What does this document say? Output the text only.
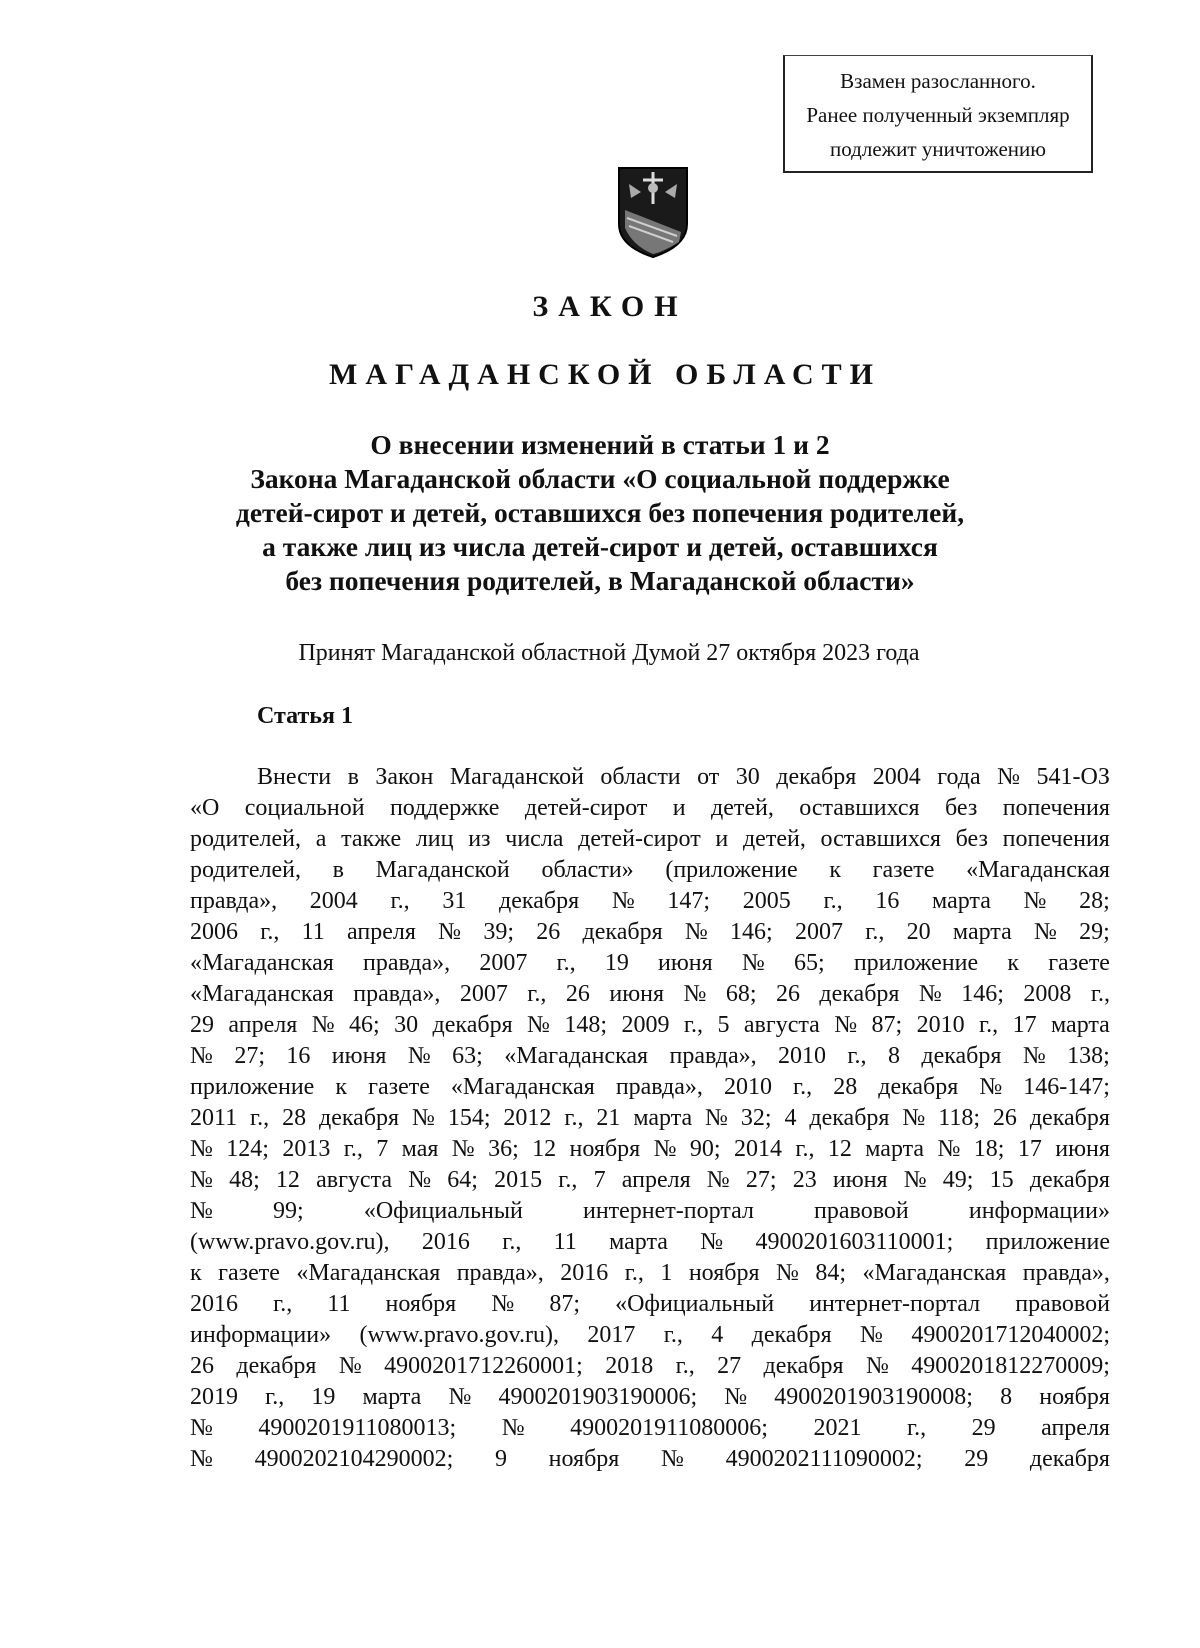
Взамен разосланного.
Ранее полученный экземпляр
подлежит уничтожению
ЗАКОН
МАГАДАНСКОЙ ОБЛАСТИ
О внесении изменений в статьи 1 и 2
Закона Магаданской области «О социальной поддержке
детей-сирот и детей, оставшихся без попечения родителей,
а также лиц из числа детей-сирот и детей, оставшихся
без попечения родителей, в Магаданской области»
Принят Магаданской областной Думой 27 октября 2023 года
Статья 1
Внести в Закон Магаданской области от 30 декабря 2004 года № 541-ОЗ
«О социальной поддержке детей-сирот и детей, оставшихся без попечения
родителей, а также лиц из числа детей-сирот и детей, оставшихся без попечения
родителей, в Магаданской области» (приложение к газете «Магаданская
правда», 2004 г., 31 декабря № 147; 2005 г., 16 марта № 28;
2006 г., 11 апреля № 39; 26 декабря № 146; 2007 г., 20 марта № 29;
«Магаданская правда», 2007 г., 19 июня № 65; приложение к газете
«Магаданская правда», 2007 г., 26 июня № 68; 26 декабря № 146; 2008 г.,
29 апреля № 46; 30 декабря № 148; 2009 г., 5 августа № 87; 2010 г., 17 марта
№ 27; 16 июня № 63; «Магаданская правда», 2010 г., 8 декабря № 138;
приложение к газете «Магаданская правда», 2010 г., 28 декабря № 146-147;
2011 г., 28 декабря № 154; 2012 г., 21 марта № 32; 4 декабря № 118; 26 декабря
№ 124; 2013 г., 7 мая № 36; 12 ноября № 90; 2014 г., 12 марта № 18; 17 июня
№ 48; 12 августа № 64; 2015 г., 7 апреля № 27; 23 июня № 49; 15 декабря
№	99;	«Официальный	интернет-портал	правовой	информации»
(www.pravo.gov.ru), 2016 г., 11 марта № 4900201603110001; приложение
к газете «Магаданская правда», 2016 г., 1 ноября № 84; «Магаданская правда»,
2016 г., 11 ноября № 87; «Официальный интернет-портал правовой
информации» (www.pravo.gov.ru), 2017 г., 4 декабря № 4900201712040002;
26 декабря № 4900201712260001; 2018 г., 27 декабря № 4900201812270009;
2019 г., 19 марта № 4900201903190006; № 4900201903190008; 8 ноября
№ 4900201911080013; № 4900201911080006; 2021 г., 29 апреля
№ 4900202104290002; 9 ноября № 4900202111090002; 29 декабря
